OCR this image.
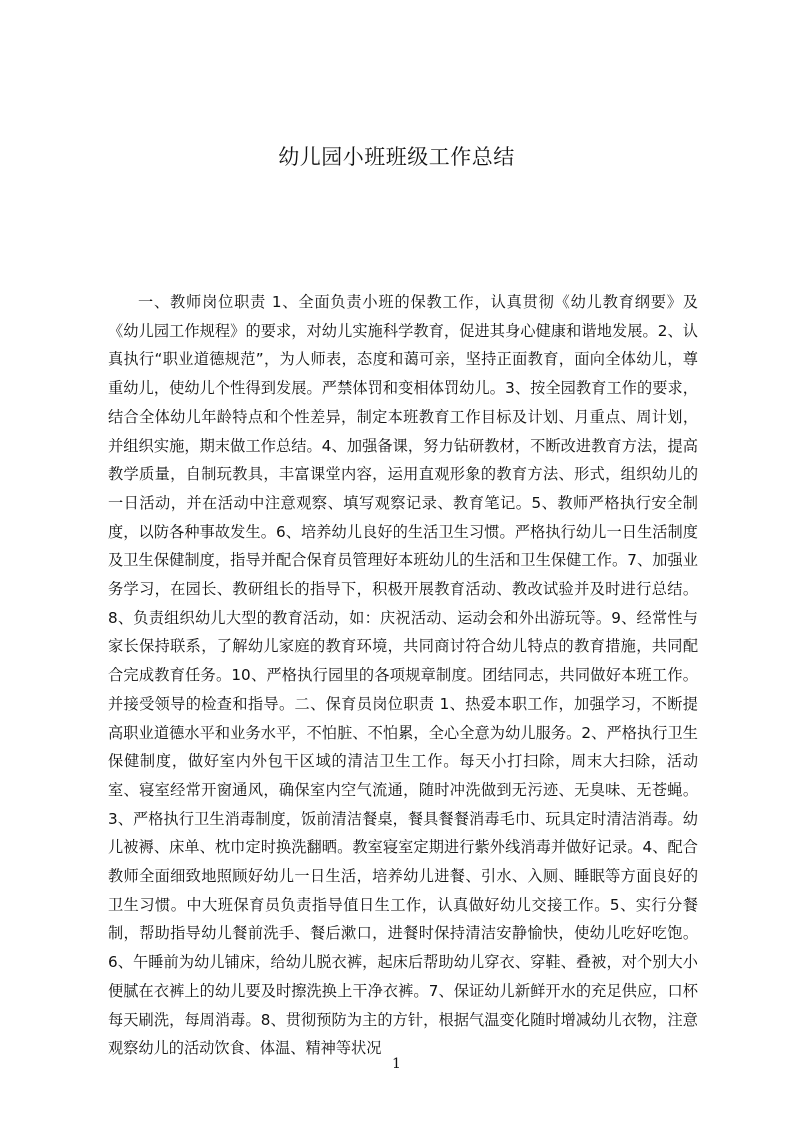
幼儿园小班班级工作总结
一、教师岗位职责 1、全面负责小班的保教工作，认真贯彻《幼儿教育纲要》及《幼儿园工作规程》的要求，对幼儿实施科学教育，促进其身心健康和谐地发展。2、认真执行“职业道德规范”，为人师表，态度和蔼可亲，坚持正面教育，面向全体幼儿，尊重幼儿，使幼儿个性得到发展。严禁体罚和变相体罚幼儿。3、按全园教育工作的要求，结合全体幼儿年龄特点和个性差异，制定本班教育工作目标及计划、月重点、周计划，并组织实施，期末做工作总结。4、加强备课，努力钻研教材，不断改进教育方法，提高教学质量，自制玩教具，丰富课堂内容，运用直观形象的教育方法、形式，组织幼儿的一日活动，并在活动中注意观察、填写观察记录、教育笔记。5、教师严格执行安全制度，以防各种事故发生。6、培养幼儿良好的生活卫生习惯。严格执行幼儿一日生活制度及卫生保健制度，指导并配合保育员管理好本班幼儿的生活和卫生保健工作。7、加强业务学习，在园长、教研组长的指导下，积极开展教育活动、教改试验并及时进行总结。8、负责组织幼儿大型的教育活动，如：庆祝活动、运动会和外出游玩等。9、经常性与家长保持联系，了解幼儿家庭的教育环境，共同商讨符合幼儿特点的教育措施，共同配合完成教育任务。10、严格执行园里的各项规章制度。团结同志，共同做好本班工作。并接受领导的检查和指导。二、保育员岗位职责 1、热爱本职工作，加强学习，不断提高职业道德水平和业务水平，不怕脏、不怕累，全心全意为幼儿服务。2、严格执行卫生保健制度，做好室内外包干区域的清洁卫生工作。每天小打扫除，周末大扫除，活动室、寝室经常开窗通风，确保室内空气流通，随时冲洗做到无污迹、无臭味、无苍蝇。3、严格执行卫生消毒制度，饭前清洁餐桌，餐具餐餐消毒毛巾、玩具定时清洁消毒。幼儿被褥、床单、枕巾定时换洗翻晒。教室寝室定期进行紫外线消毒并做好记录。4、配合教师全面细致地照顾好幼儿一日生活，培养幼儿进餐、引水、入厕、睡眠等方面良好的卫生习惯。中大班保育员负责指导值日生工作，认真做好幼儿交接工作。5、实行分餐制，帮助指导幼儿餐前洗手、餐后漱口，进餐时保持清洁安静愉快，使幼儿吃好吃饱。6、午睡前为幼儿铺床，给幼儿脱衣裤，起床后帮助幼儿穿衣、穿鞋、叠被，对个别大小便腻在衣裤上的幼儿要及时擦洗换上干净衣裤。7、保证幼儿新鲜开水的充足供应，口杯每天刷洗，每周消毒。8、贯彻预防为主的方针，根据气温变化随时增减幼儿衣物，注意观察幼儿的活动饮食、体温、精神等状况
1
